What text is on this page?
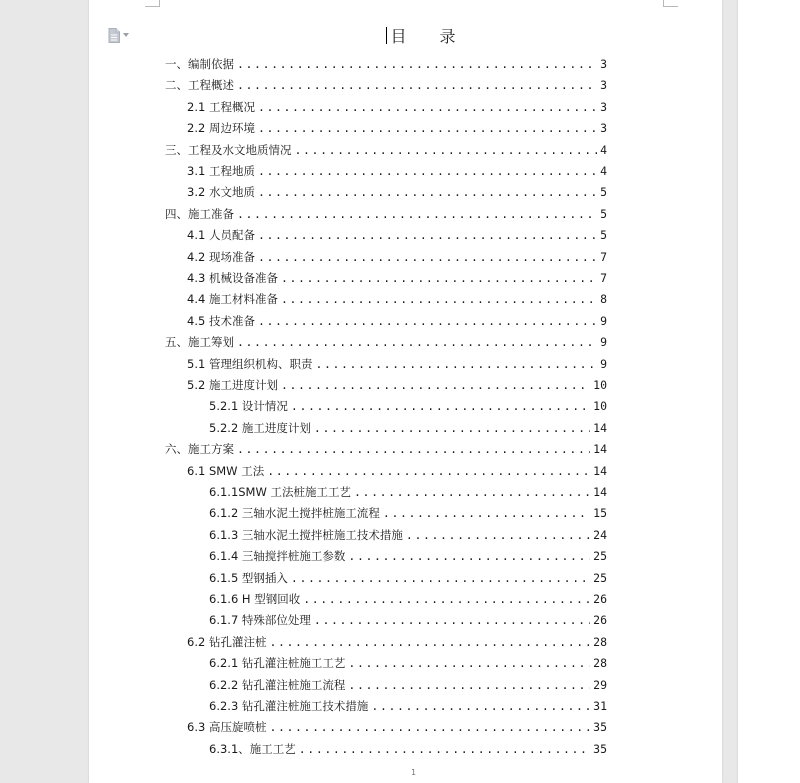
目 录
一、编制依据 .....	3
二、工程概述 .....	3
2.1 工程概况 .....	3
2.2 周边环境 .....	3
三、工程及水文地质情况 .....	4
3.1 工程地质 .....	4
3.2 水文地质 .....	5
四、施工准备 .....	5
4.1 人员配备 .....	5
4.2 现场准备 .....	7
4.3 机械设备准备 .....	7
4.4 施工材料准备 .....	8
4.5 技术准备 .....	9
五、施工筹划 .....	9
5.1 管理组织机构、职责 .....	9
5.2 施工进度计划 .....	10
5.2.1 设计情况 .....	10
5.2.2 施工进度计划 .....	14
六、施工方案 .....	14
6.1 SMW 工法 .....	14
6.1.1SMW 工法桩施工工艺 .....	14
6.1.2 三轴水泥土搅拌桩施工流程 .....	15
6.1.3 三轴水泥土搅拌桩施工技术措施 .....	24
6.1.4 三轴搅拌桩施工参数 .....	25
6.1.5 型钢插入 .....	25
6.1.6 H 型钢回收 .....	26
6.1.7 特殊部位处理 .....	26
6.2 钻孔灌注桩 .....	28
6.2.1 钻孔灌注桩施工工艺 .....	28
6.2.2 钻孔灌注桩施工流程 .....	29
6.2.3 钻孔灌注桩施工技术措施 .....	31
6.3 高压旋喷桩 .....	35
6.3.1、施工工艺 .....	35
1
